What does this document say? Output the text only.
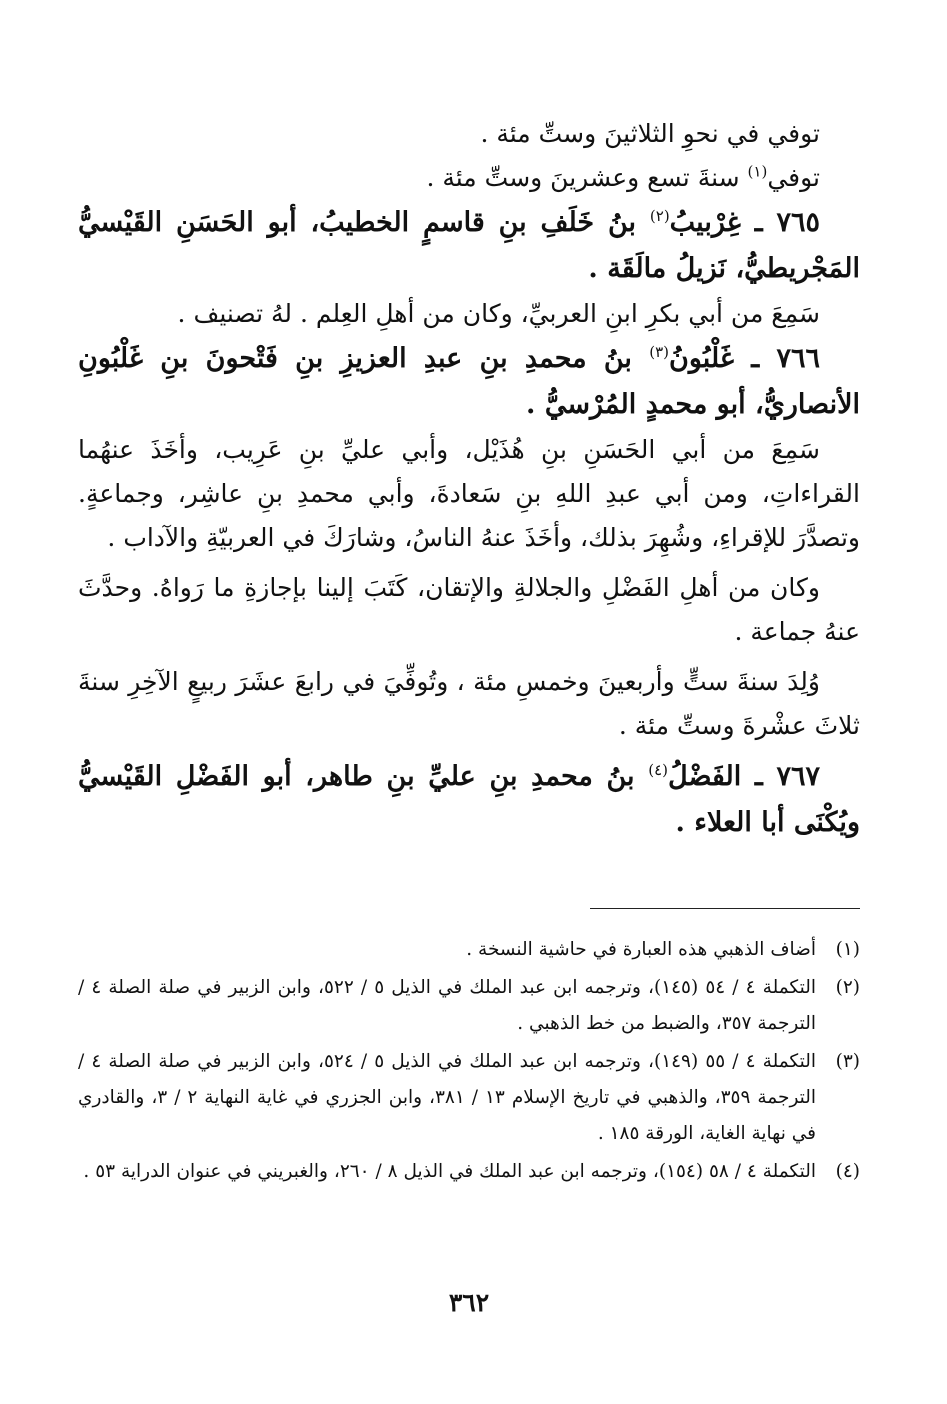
توفي في نحوِ الثلاثينَ وستِّ مئة .

توفي$^{(١)}$ سنةَ تسع وعشرينَ وستِّ مئة .

٧٦٥ ـ غِرْبيبُ$^{(٢)}$ بنُ خَلَفِ بنِ قاسمٍ الخطيبُ، أبو الحَسَنِ القَيْسيُّ المَجْريطيُّ، نَزيلُ مالَقَة .

سَمِعَ من أبي بكرِ ابنِ العربيِّ، وكان من أهلِ العِلم . لهُ تصنيف .

٧٦٦ ـ غَلْبُونُ$^{(٣)}$ بنُ محمدِ بنِ عبدِ العزيزِ بنِ فَتْحونَ بنِ غَلْبُونِ الأنصاريُّ، أبو محمدٍ المُرْسيُّ .

سَمِعَ من أبي الحَسَنِ بنِ هُذَيْل، وأبي عليِّ بنِ عَرِيب، وأخَذَ عنهُما القراءاتِ، ومن أبي عبدِ اللهِ بنِ سَعادةَ، وأبي محمدِ بنِ عاشِر، وجماعةٍ. وتصدَّرَ للإقراءِ، وشُهِرَ بذلك، وأخَذَ عنهُ الناسُ، وشارَكَ في العربيّةِ والآداب .

وكان من أهلِ الفَضْلِ والجلالةِ والإتقان، كَتَبَ إلينا بإجازةِ ما رَواهُ. وحدَّثَ عنهُ جماعة .

وُلِدَ سنةَ ستٍّ وأربعينَ وخمسِ مئة ، وتُوفِّيَ في رابعَ عشَرَ ربيعٍ الآخِرِ سنةَ ثلاثَ عشْرةَ وستِّ مئة .

٧٦٧ ـ الفَضْلُ$^{(٤)}$ بنُ محمدِ بنِ عليِّ بنِ طاهر، أبو الفَضْلِ القَيْسيُّ ويُكْنَى أبا العلاء .

(١)
أضاف الذهبي هذه العبارة في حاشية النسخة .

(٢)
التكملة ٤ / ٥٤ (١٤٥)، وترجمه ابن عبد الملك في الذيل ٥ / ٥٢٢، وابن الزبير في صلة الصلة ٤ / الترجمة ٣٥٧، والضبط من خط الذهبي .

(٣)
التكملة ٤ / ٥٥ (١٤٩)، وترجمه ابن عبد الملك في الذيل ٥ / ٥٢٤، وابن الزبير في صلة الصلة ٤ / الترجمة ٣٥٩، والذهبي في تاريخ الإسلام ١٣ / ٣٨١، وابن الجزري في غاية النهاية ٢ / ٣، والقادري في نهاية الغاية، الورقة ١٨٥ .

(٤)
التكملة ٤ / ٥٨ (١٥٤)، وترجمه ابن عبد الملك في الذيل ٨ / ٢٦٠، والغبريني في عنوان الدراية ٥٣ .

٣٦٢
